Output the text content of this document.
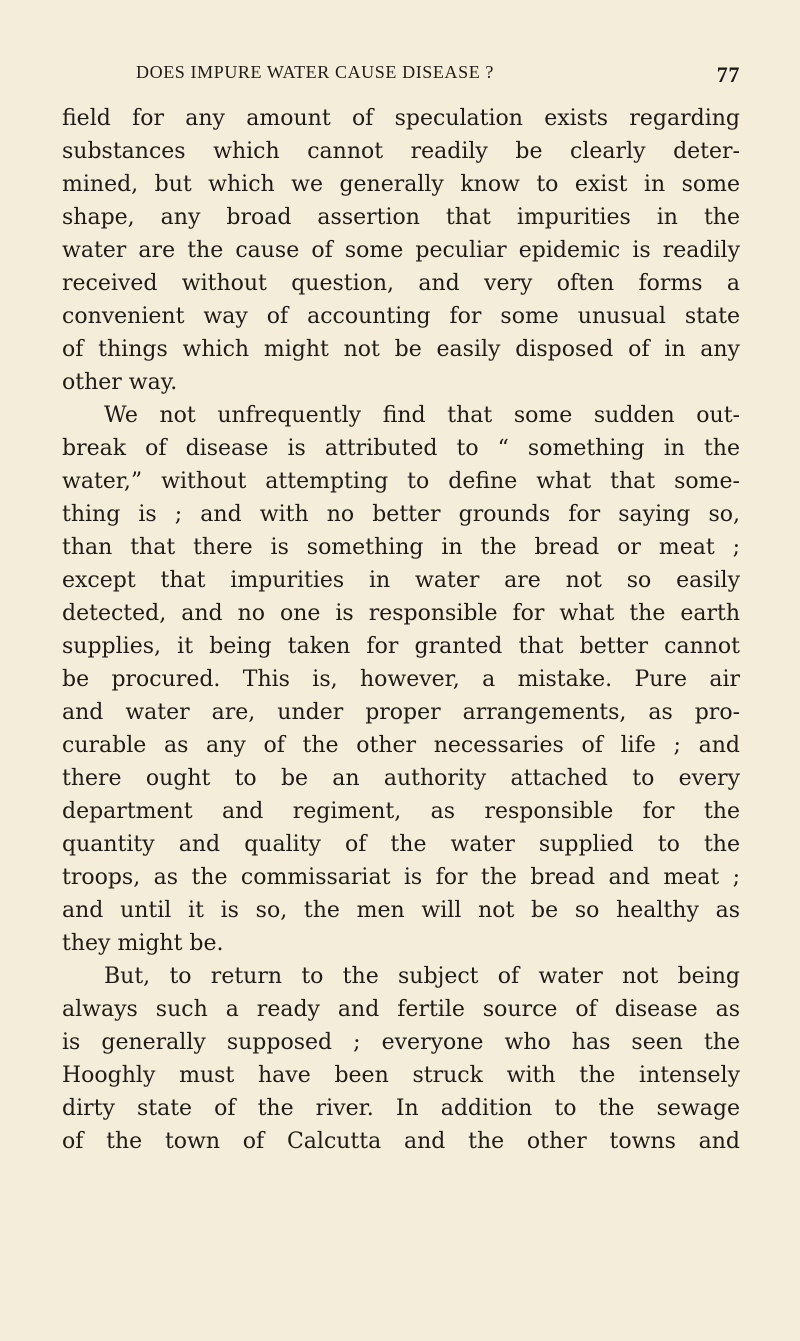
DOES IMPURE WATER CAUSE DISEASE ?	77

field for any amount of speculation exists regarding
substances which cannot readily be clearly deter-
mined, but which we generally know to exist in some
shape, any broad assertion that impurities in the
water are the cause of some peculiar epidemic is readily
received without question, and very often forms a
convenient way of accounting for some unusual state
of things which might not be easily disposed of in any
other way.

We not unfrequently find that some sudden out-
break of disease is attributed to “ something in the
water,” without attempting to define what that some-
thing is ; and with no better grounds for saying so,
than that there is something in the bread or meat ;
except that impurities in water are not so easily
detected, and no one is responsible for what the earth
supplies, it being taken for granted that better cannot
be procured. This is, however, a mistake. Pure air
and water are, under proper arrangements, as pro-
curable as any of the other necessaries of life ; and
there ought to be an authority attached to every
department and regiment, as responsible for the
quantity and quality of the water supplied to the
troops, as the commissariat is for the bread and meat ;
and until it is so, the men will not be so healthy as
they might be.

But, to return to the subject of water not being
always such a ready and fertile source of disease as
is generally supposed ; everyone who has seen the
Hooghly must have been struck with the intensely
dirty state of the river. In addition to the sewage
of the town of Calcutta and the other towns and
